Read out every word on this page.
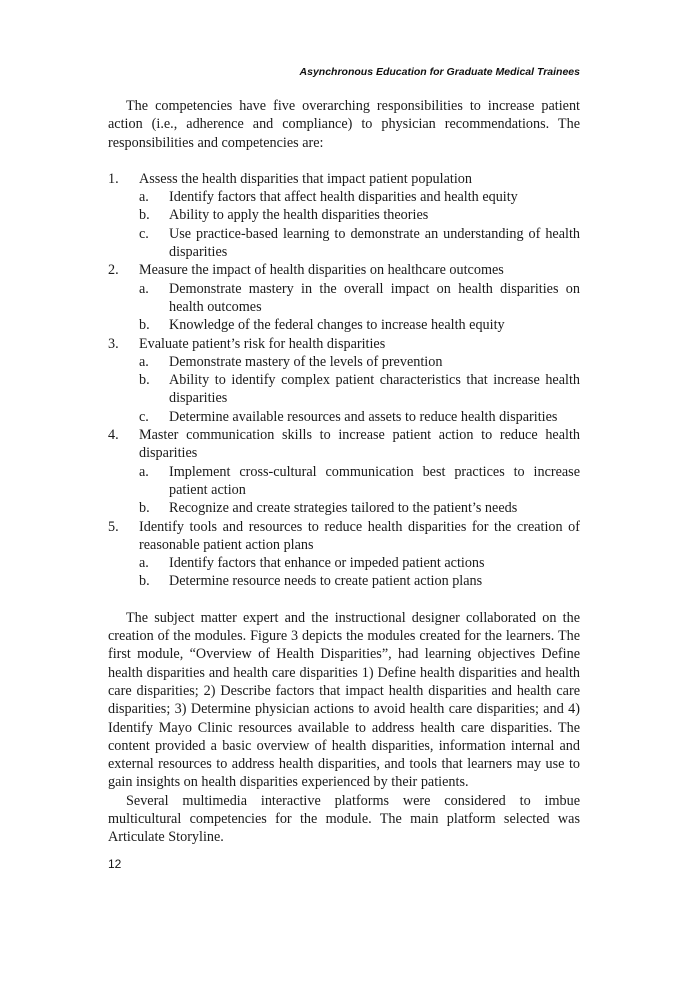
Asynchronous Education for Graduate Medical Trainees

The competencies have five overarching responsibilities to increase patient action (i.e., adherence and compliance) to physician recommendations. The responsibilities and competencies are:

1. Assess the health disparities that impact patient population
a. Identify factors that affect health disparities and health equity
b. Ability to apply the health disparities theories
c. Use practice-based learning to demonstrate an understanding of health disparities
2. Measure the impact of health disparities on healthcare outcomes
a. Demonstrate mastery in the overall impact on health disparities on health outcomes
b. Knowledge of the federal changes to increase health equity
3. Evaluate patient’s risk for health disparities
a. Demonstrate mastery of the levels of prevention
b. Ability to identify complex patient characteristics that increase health disparities
c. Determine available resources and assets to reduce health disparities
4. Master communication skills to increase patient action to reduce health disparities
a. Implement cross-cultural communication best practices to increase patient action
b. Recognize and create strategies tailored to the patient’s needs
5. Identify tools and resources to reduce health disparities for the creation of reasonable patient action plans
a. Identify factors that enhance or impeded patient actions
b. Determine resource needs to create patient action plans

The subject matter expert and the instructional designer collaborated on the creation of the modules. Figure 3 depicts the modules created for the learners. The first module, “Overview of Health Disparities”, had learning objectives Define health disparities and health care disparities 1) Define health disparities and health care disparities; 2) Describe factors that impact health disparities and health care disparities; 3) Determine physician actions to avoid health care disparities; and 4) Identify Mayo Clinic resources available to address health care disparities. The content provided a basic overview of health disparities, information internal and external resources to address health disparities, and tools that learners may use to gain insights on health disparities experienced by their patients.

Several multimedia interactive platforms were considered to imbue multicultural competencies for the module. The main platform selected was Articulate Storyline.

12
